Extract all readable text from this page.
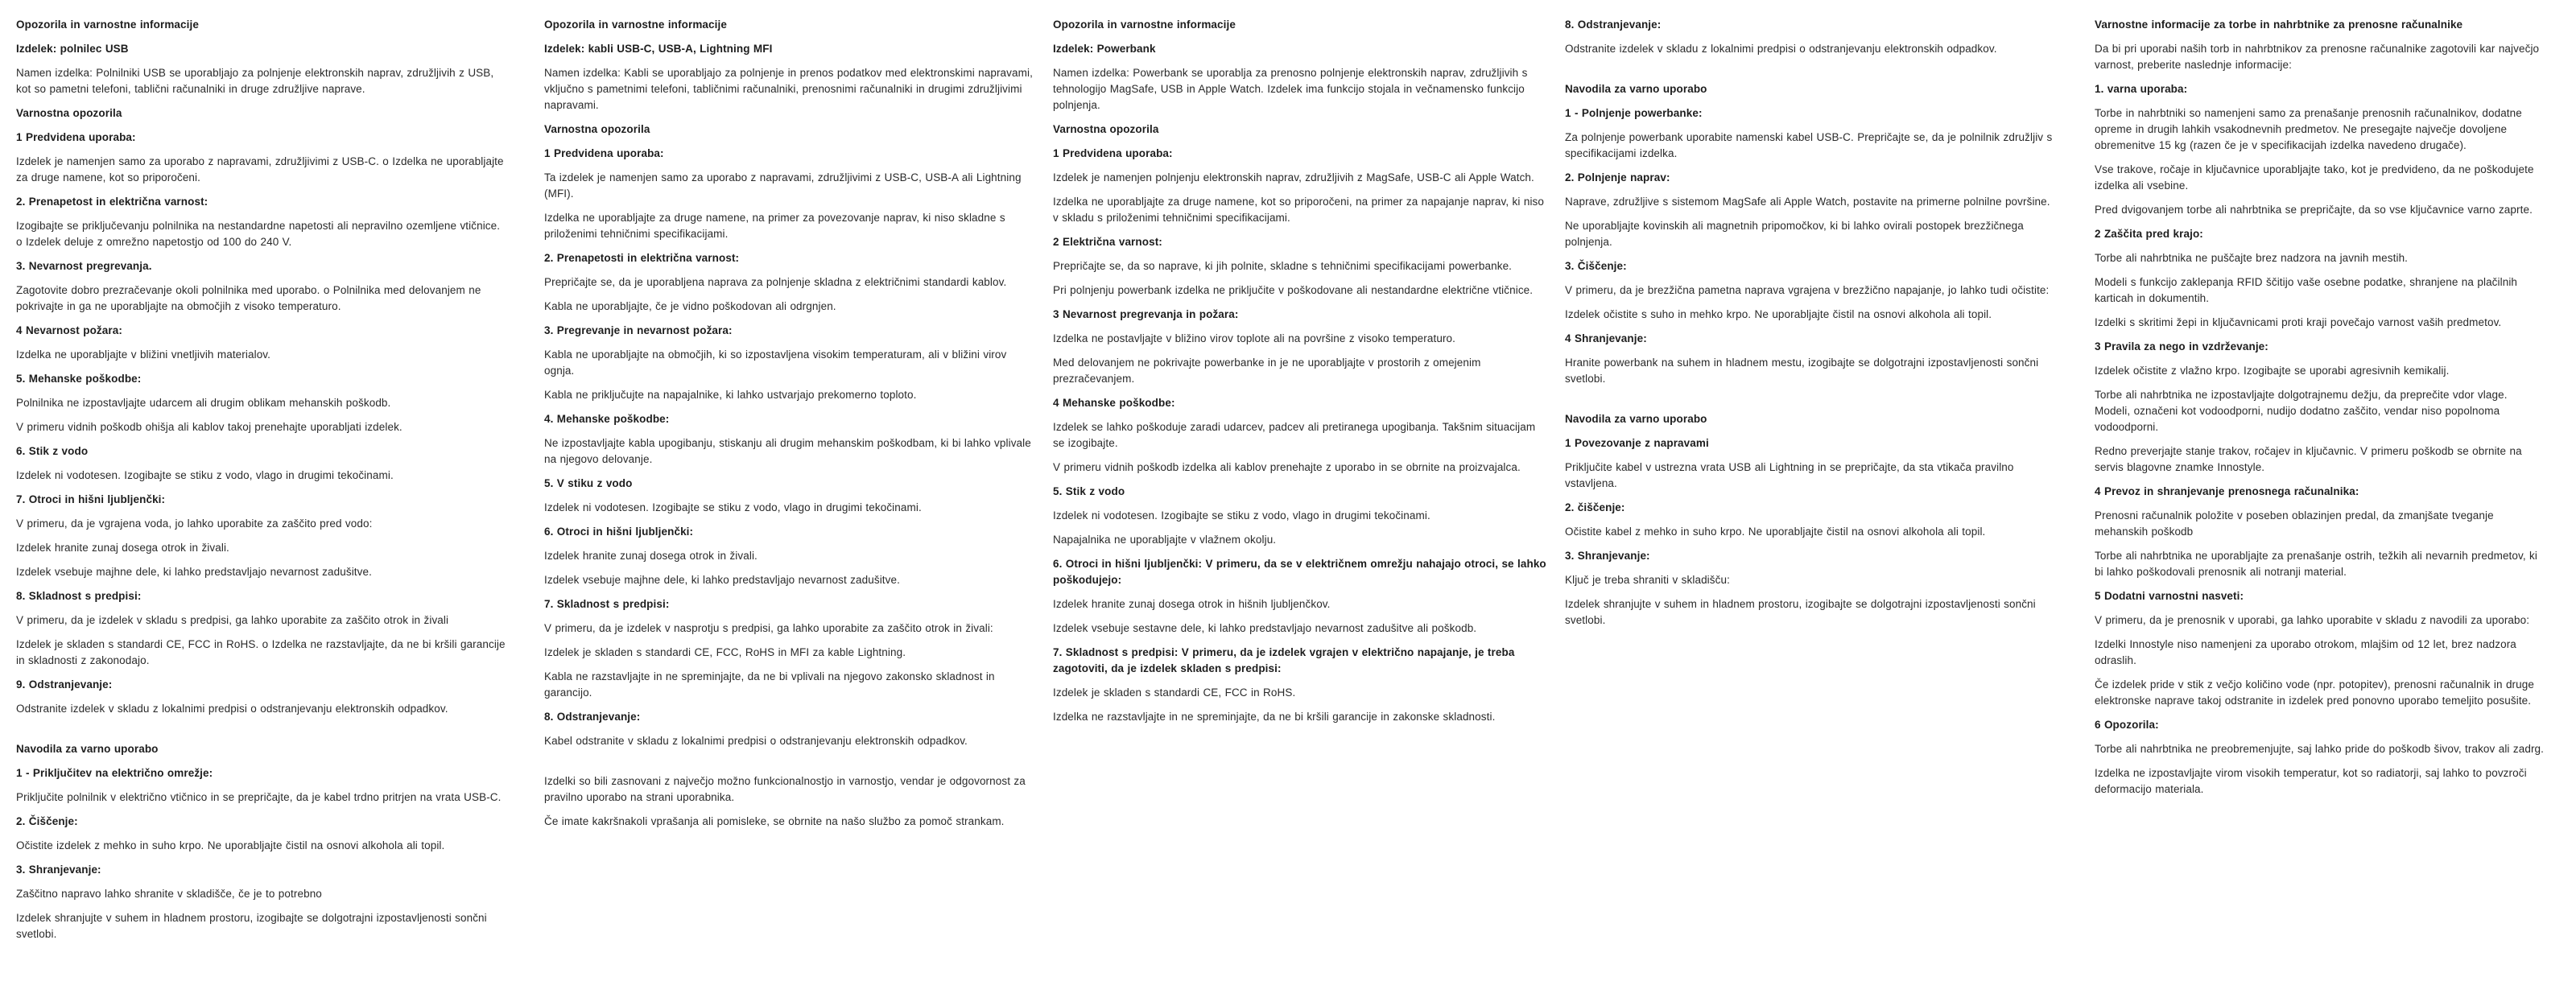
Opozorila in varnostne informacije
Izdelek: polnilec USB
Namen izdelka: Polnilniki USB se uporabljajo za polnjenje elektronskih naprav, združljivih z USB, kot so pametni telefoni, tablični računalniki in druge združljive naprave.
Varnostna opozorila
1 Predvidena uporaba:
Izdelek je namenjen samo za uporabo z napravami, združljivimi z USB-C. o Izdelka ne uporabljajte za druge namene, kot so priporočeni.
2. Prenapetost in električna varnost:
Izogibajte se priključevanju polnilnika na nestandardne napetosti ali nepravilno ozemljene vtičnice. o Izdelek deluje z omrežno napetostjo od 100 do 240 V.
3. Nevarnost pregrevanja.
Zagotovite dobro prezračevanje okoli polnilnika med uporabo. o Polnilnika med delovanjem ne pokrivajte in ga ne uporabljajte na območjih z visoko temperaturo.
4 Nevarnost požara:
Izdelka ne uporabljajte v bližini vnetljivih materialov.
5. Mehanske poškodbe:
Polnilnika ne izpostavljajte udarcem ali drugim oblikam mehanskih poškodb.
V primeru vidnih poškodb ohišja ali kablov takoj prenehajte uporabljati izdelek.
6. Stik z vodo
Izdelek ni vodotesen. Izogibajte se stiku z vodo, vlago in drugimi tekočinami.
7. Otroci in hišni ljubljenčki:
V primeru, da je vgrajena voda, jo lahko uporabite za zaščito pred vodo:
Izdelek hranite zunaj dosega otrok in živali.
Izdelek vsebuje majhne dele, ki lahko predstavljajo nevarnost zadušitve.
8. Skladnost s predpisi:
V primeru, da je izdelek v skladu s predpisi, ga lahko uporabite za zaščito otrok in živali
Izdelek je skladen s standardi CE, FCC in RoHS. o Izdelka ne razstavljajte, da ne bi kršili garancije in skladnosti z zakonodajo.
9. Odstranjevanje:
Odstranite izdelek v skladu z lokalnimi predpisi o odstranjevanju elektronskih odpadkov.
Navodila za varno uporabo
1 - Priključitev na električno omrežje:
Priključite polnilnik v električno vtičnico in se prepričajte, da je kabel trdno pritrjen na vrata USB-C.
2. Čiščenje:
Očistite izdelek z mehko in suho krpo. Ne uporabljajte čistil na osnovi alkohola ali topil.
3. Shranjevanje:
Zaščitno napravo lahko shranite v skladišče, če je to potrebno
Izdelek shranjujte v suhem in hladnem prostoru, izogibajte se dolgotrajni izpostavljenosti sončni svetlobi.
Opozorila in varnostne informacije
Izdelek: kabli USB-C, USB-A, Lightning MFI
Namen izdelka: Kabli se uporabljajo za polnjenje in prenos podatkov med elektronskimi napravami, vključno s pametnimi telefoni, tabličnimi računalniki, prenosnimi računalniki in drugimi združljivimi napravami.
Varnostna opozorila
1 Predvidena uporaba:
Ta izdelek je namenjen samo za uporabo z napravami, združljivimi z USB-C, USB-A ali Lightning (MFI).
Izdelka ne uporabljajte za druge namene, na primer za povezovanje naprav, ki niso skladne s priloženimi tehničnimi specifikacijami.
2. Prenapetosti in električna varnost:
Prepričajte se, da je uporabljena naprava za polnjenje skladna z električnimi standardi kablov.
Kabla ne uporabljajte, če je vidno poškodovan ali odrgnjen.
3. Pregrevanje in nevarnost požara:
Kabla ne uporabljajte na območjih, ki so izpostavljena visokim temperaturam, ali v bližini virov ognja.
Kabla ne priključujte na napajalnike, ki lahko ustvarjajo prekomerno toploto.
4. Mehanske poškodbe:
Ne izpostavljajte kabla upogibanju, stiskanju ali drugim mehanskim poškodbam, ki bi lahko vplivale na njegovo delovanje.
5. V stiku z vodo
Izdelek ni vodotesen. Izogibajte se stiku z vodo, vlago in drugimi tekočinami.
6. Otroci in hišni ljubljenčki:
Izdelek hranite zunaj dosega otrok in živali.
Izdelek vsebuje majhne dele, ki lahko predstavljajo nevarnost zadušitve.
7. Skladnost s predpisi:
V primeru, da je izdelek v nasprotju s predpisi, ga lahko uporabite za zaščito otrok in živali:
Izdelek je skladen s standardi CE, FCC, RoHS in MFI za kable Lightning.
Kabla ne razstavljajte in ne spreminjajte, da ne bi vplivali na njegovo zakonsko skladnost in garancijo.
8. Odstranjevanje:
Kabel odstranite v skladu z lokalnimi predpisi o odstranjevanju elektronskih odpadkov.
Izdelki so bili zasnovani z največjo možno funkcionalnostjo in varnostjo, vendar je odgovornost za pravilno uporabo na strani uporabnika.
Če imate kakršnakoli vprašanja ali pomisleke, se obrnite na našo službo za pomoč strankam.
Opozorila in varnostne informacije
Izdelek: Powerbank
Namen izdelka: Powerbank se uporablja za prenosno polnjenje elektronskih naprav, združljivih s tehnologijo MagSafe, USB in Apple Watch. Izdelek ima funkcijo stojala in večnamensko funkcijo polnjenja.
Varnostna opozorila
1 Predvidena uporaba:
Izdelek je namenjen polnjenju elektronskih naprav, združljivih z MagSafe, USB-C ali Apple Watch.
Izdelka ne uporabljajte za druge namene, kot so priporočeni, na primer za napajanje naprav, ki niso v skladu s priloženimi tehničnimi specifikacijami.
2 Električna varnost:
Prepričajte se, da so naprave, ki jih polnite, skladne s tehničnimi specifikacijami powerbanke.
Pri polnjenju powerbank izdelka ne priključite v poškodovane ali nestandardne električne vtičnice.
3 Nevarnost pregrevanja in požara:
Izdelka ne postavljajte v bližino virov toplote ali na površine z visoko temperaturo.
Med delovanjem ne pokrivajte powerbanke in je ne uporabljajte v prostorih z omejenim prezračevanjem.
4 Mehanske poškodbe:
Izdelek se lahko poškoduje zaradi udarcev, padcev ali pretiranega upogibanja. Takšnim situacijam se izogibajte.
V primeru vidnih poškodb izdelka ali kablov prenehajte z uporabo in se obrnite na proizvajalca.
5. Stik z vodo
Izdelek ni vodotesen. Izogibajte se stiku z vodo, vlago in drugimi tekočinami.
Napajalnika ne uporabljajte v vlažnem okolju.
6. Otroci in hišni ljubljenčki: V primeru, da se v električnem omrežju nahajajo otroci, se lahko poškodujejo:
Izdelek hranite zunaj dosega otrok in hišnih ljubljenčkov.
Izdelek vsebuje sestavne dele, ki lahko predstavljajo nevarnost zadušitve ali poškodb.
7. Skladnost s predpisi: V primeru, da je izdelek vgrajen v električno napajanje, je treba zagotoviti, da je izdelek skladen s predpisi:
Izdelek je skladen s standardi CE, FCC in RoHS.
Izdelka ne razstavljajte in ne spreminjajte, da ne bi kršili garancije in zakonske skladnosti.
8. Odstranjevanje:
Odstranite izdelek v skladu z lokalnimi predpisi o odstranjevanju elektronskih odpadkov.
Navodila za varno uporabo
1 - Polnjenje powerbanke:
Za polnjenje powerbank uporabite namenski kabel USB-C. Prepričajte se, da je polnilnik združljiv s specifikacijami izdelka.
2. Polnjenje naprav:
Naprave, združljive s sistemom MagSafe ali Apple Watch, postavite na primerne polnilne površine.
Ne uporabljajte kovinskih ali magnetnih pripomočkov, ki bi lahko ovirali postopek brezžičnega polnjenja.
3. Čiščenje:
V primeru, da je brezžična pametna naprava vgrajena v brezžično napajanje, jo lahko tudi očistite:
Izdelek očistite s suho in mehko krpo. Ne uporabljajte čistil na osnovi alkohola ali topil.
4 Shranjevanje:
Hranite powerbank na suhem in hladnem mestu, izogibajte se dolgotrajni izpostavljenosti sončni svetlobi.
Navodila za varno uporabo
1 Povezovanje z napravami
Priključite kabel v ustrezna vrata USB ali Lightning in se prepričajte, da sta vtikača pravilno vstavljena.
2. čiščenje:
Očistite kabel z mehko in suho krpo. Ne uporabljajte čistil na osnovi alkohola ali topil.
3. Shranjevanje:
Ključ je treba shraniti v skladišču:
Izdelek shranjujte v suhem in hladnem prostoru, izogibajte se dolgotrajni izpostavljenosti sončni svetlobi.
Varnostne informacije za torbe in nahrbtnike za prenosne računalnike
Da bi pri uporabi naših torb in nahrbtnikov za prenosne računalnike zagotovili kar največjo varnost, preberite naslednje informacije:
1. varna uporaba:
Torbe in nahrbtniki so namenjeni samo za prenašanje prenosnih računalnikov, dodatne opreme in drugih lahkih vsakodnevnih predmetov. Ne presegajte največje dovoljene obremenitve 15 kg (razen če je v specifikacijah izdelka navedeno drugače).
Vse trakove, ročaje in ključavnice uporabljajte tako, kot je predvideno, da ne poškodujete izdelka ali vsebine.
Pred dvigovanjem torbe ali nahrbtnika se prepričajte, da so vse ključavnice varno zaprte.
2 Zaščita pred krajo:
Torbe ali nahrbtnika ne puščajte brez nadzora na javnih mestih.
Modeli s funkcijo zaklepanja RFID ščitijo vaše osebne podatke, shranjene na plačilnih karticah in dokumentih.
Izdelki s skritimi žepi in ključavnicami proti kraji povečajo varnost vaših predmetov.
3 Pravila za nego in vzdrževanje:
Izdelek očistite z vlažno krpo. Izogibajte se uporabi agresivnih kemikalij.
Torbe ali nahrbtnika ne izpostavljajte dolgotrajnemu dežju, da preprečite vdor vlage. Modeli, označeni kot vodoodporni, nudijo dodatno zaščito, vendar niso popolnoma vodoodporni.
Redno preverjajte stanje trakov, ročajev in ključavnic. V primeru poškodb se obrnite na servis blagovne znamke Innostyle.
4 Prevoz in shranjevanje prenosnega računalnika:
Prenosni računalnik položite v poseben oblazinjen predal, da zmanjšate tveganje mehanskih poškodb
Torbe ali nahrbtnika ne uporabljajte za prenašanje ostrih, težkih ali nevarnih predmetov, ki bi lahko poškodovali prenosnik ali notranji material.
5 Dodatni varnostni nasveti:
V primeru, da je prenosnik v uporabi, ga lahko uporabite v skladu z navodili za uporabo:
Izdelki Innostyle niso namenjeni za uporabo otrokom, mlajšim od 12 let, brez nadzora odraslih.
Če izdelek pride v stik z večjo količino vode (npr. potopitev), prenosni računalnik in druge elektronske naprave takoj odstranite in izdelek pred ponovno uporabo temeljito posušite.
6 Opozorila:
Torbe ali nahrbtnika ne preobremenjujte, saj lahko pride do poškodb šivov, trakov ali zadrg.
Izdelka ne izpostavljajte virom visokih temperatur, kot so radiatorji, saj lahko to povzroči deformacijo materiala.
